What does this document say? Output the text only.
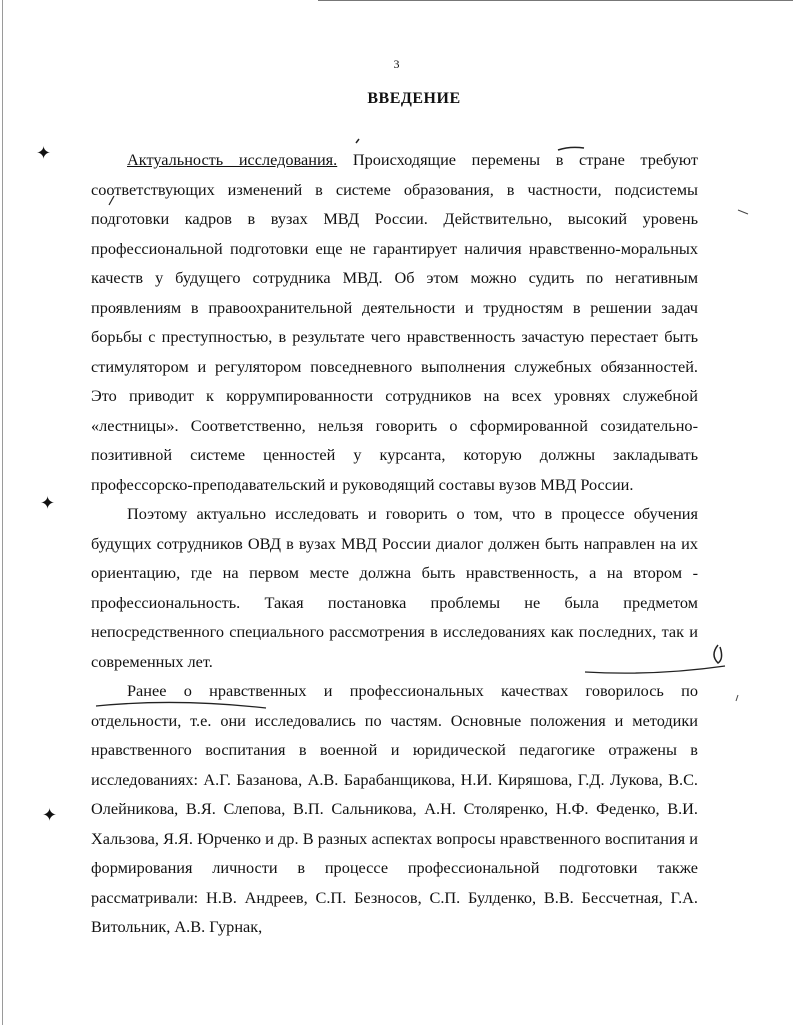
3
ВВЕДЕНИЕ
✦
✦
✦

Актуальность исследования. Происходящие перемены в стране требуют соответствующих изменений в системе образования, в частности, подсистемы подготовки кадров в вузах МВД России. Действительно, высокий уровень профессиональной подготовки еще не гарантирует наличия нравственно-моральных качеств у будущего сотрудника МВД. Об этом можно судить по негативным проявлениям в правоохранительной деятельности и трудностям в решении задач борьбы с преступностью, в результате чего нравственность зачастую перестает быть стимулятором и регулятором повседневного выполнения служебных обязанностей. Это приводит к коррумпированности сотрудников на всех уровнях служебной «лестницы». Соответственно, нельзя говорить о сформированной созидательно-позитивной системе ценностей у курсанта, которую должны закладывать профессорско-преподавательский и руководящий составы вузов МВД России.

Поэтому актуально исследовать и говорить о том, что в процессе обучения будущих сотрудников ОВД в вузах МВД России диалог должен быть направлен на их ориентацию, где на первом месте должна быть нравственность, а на втором - профессиональность. Такая постановка проблемы не была предметом непосредственного специального рассмотрения в исследованиях как последних, так и современных лет.

Ранее о нравственных и профессиональных качествах говорилось по отдельности, т.е. они исследовались по частям. Основные положения и методики нравственного воспитания в военной и юридической педагогике отражены в исследованиях: А.Г. Базанова, А.В. Барабанщикова, Н.И. Киряшова, Г.Д. Лукова, В.С. Олейникова, В.Я. Слепова, В.П. Сальникова, А.Н. Столяренко, Н.Ф. Феденко, В.И. Хальзова, Я.Я. Юрченко и др. В разных аспектах вопросы нравственного воспитания и формирования личности в процессе профессиональной подготовки также рассматривали: Н.В. Андреев, С.П. Безносов, С.П. Булденко, В.В. Бессчетная, Г.А. Витольник, А.В. Гурнак,
